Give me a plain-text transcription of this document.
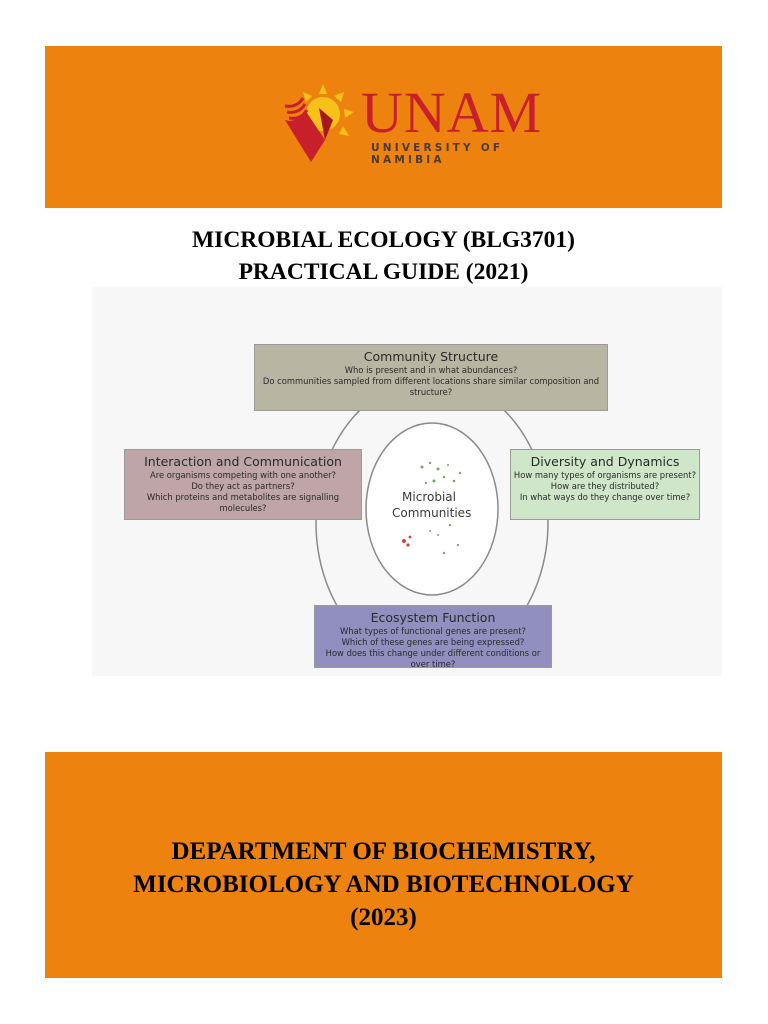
UNAM
UNIVERSITY OF NAMIBIA
MICROBIAL ECOLOGY (BLG3701)
PRACTICAL GUIDE (2021)
Microbial
Communities
Community Structure
Who is present and in what abundances?
Do communities sampled from different locations share similar composition and structure?
Interaction and Communication
Are organisms competing with one another?
Do they act as partners?
Which proteins and metabolites are signalling molecules?
Diversity and Dynamics
How many types of organisms are present?
How are they distributed?
In what ways do they change over time?
Ecosystem Function
What types of functional genes are present?
Which of these genes are being expressed?
How does this change under different conditions or over time?
DEPARTMENT OF BIOCHEMISTRY,
MICROBIOLOGY AND BIOTECHNOLOGY
(2023)
